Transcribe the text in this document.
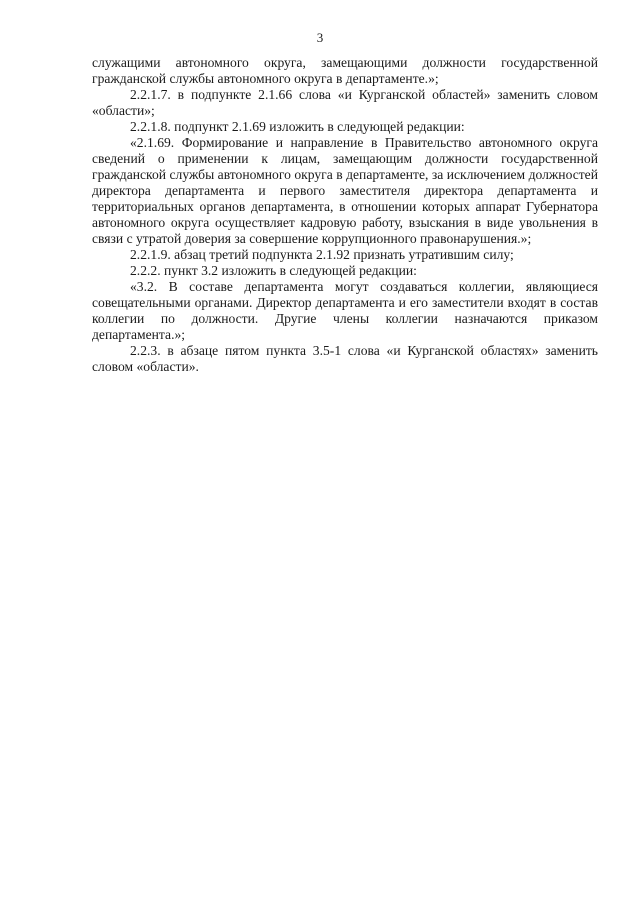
3

служащими автономного округа, замещающими должности государственной гражданской службы автономного округа в департаменте.»;

2.2.1.7. в подпункте 2.1.66 слова «и Курганской областей» заменить словом «области»;

2.2.1.8. подпункт 2.1.69 изложить в следующей редакции:

«2.1.69. Формирование и направление в Правительство автономного округа сведений о применении к лицам, замещающим должности государственной гражданской службы автономного округа в департаменте, за исключением должностей директора департамента и первого заместителя директора департамента и территориальных органов департамента, в отношении которых аппарат Губернатора автономного округа осуществляет кадровую работу, взыскания в виде увольнения в связи с утратой доверия за совершение коррупционного правонарушения.»;

2.2.1.9. абзац третий подпункта 2.1.92 признать утратившим силу;

2.2.2. пункт 3.2 изложить в следующей редакции:

«3.2. В составе департамента могут создаваться коллегии, являющиеся совещательными органами. Директор департамента и его заместители входят в состав коллегии по должности. Другие члены коллегии назначаются приказом департамента.»;

2.2.3. в абзаце пятом пункта 3.5-1 слова «и Курганской областях» заменить словом «области».
